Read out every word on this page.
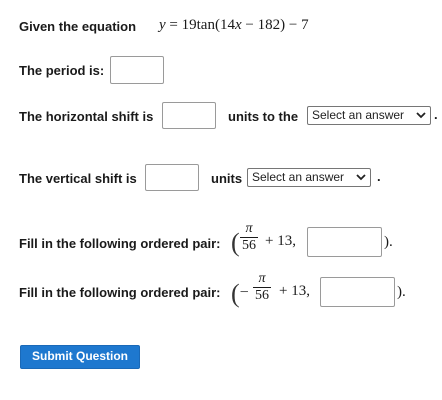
Given the equation y = 19tan(14x − 182) − 7
The period is:
The horizontal shift is	units to the	Select an answer	.
The vertical shift is	units Select an answer	.
Fill in the following ordered pair: ( π
56 + 13,	).
Fill in the following ordered pair: (−
π
56 + 13,	).
Submit Question
